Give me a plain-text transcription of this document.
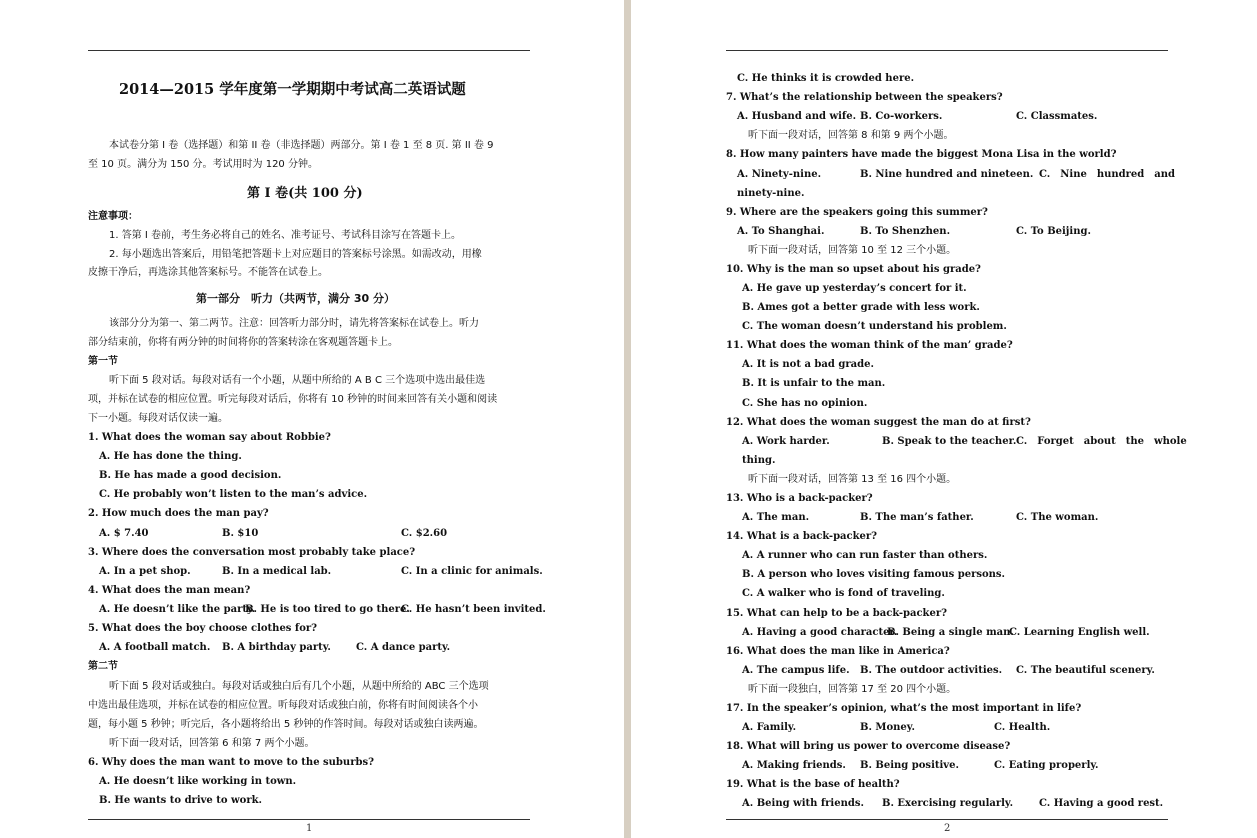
2014—2015 学年度第一学期期中考试高二英语试题
本试卷分第 I 卷（选择题）和第 II 卷（非选择题）两部分。第 I 卷 1 至 8 页. 第 II 卷 9
至 10 页。满分为 150 分。考试用时为 120 分钟。
第 I 卷(共 100 分)
注意事项：
1. 答第 I 卷前，考生务必将自己的姓名、准考证号、考试科目涂写在答题卡上。
2. 每小题选出答案后，用铅笔把答题卡上对应题目的答案标号涂黑。如需改动，用橡
皮擦干净后，再选涂其他答案标号。不能答在试卷上。
第一部分　听力（共两节，满分 30 分）
该部分分为第一、第二两节。注意：回答听力部分时，请先将答案标在试卷上。听力
部分结束前，你将有两分钟的时间将你的答案转涂在客观题答题卡上。
第一节
听下面 5 段对话。每段对话有一个小题，从题中所给的 A B C 三个选项中选出最佳选
项，并标在试卷的相应位置。听完每段对话后，你将有 10 秒钟的时间来回答有关小题和阅读
下一小题。每段对话仅读一遍。
1. What does the woman say about Robbie?
A. He has done the thing.
B. He has made a good decision.
C. He probably won’t listen to the man’s advice.
2. How much does the man pay?
A. $ 7.40	B. $10	C. $2.60
3. Where does the conversation most probably take place?
A. In a pet shop.	B. In a medical lab.	C. In a clinic for animals.
4. What does the man mean?
A. He doesn’t like the party.
B. He is too tired to go there.
C. He hasn’t been invited.
5. What does the boy choose clothes for?
A. A football match. B. A birthday party.	C. A dance party.
第二节
听下面 5 段对话或独白。每段对话或独白后有几个小题，从题中所给的 ABC 三个选项
中选出最佳选项，并标在试卷的相应位置。听每段对话或独白前，你将有时间阅读各个小
题，每小题 5 秒钟；听完后，各小题将给出 5 秒钟的作答时间。每段对话或独白读两遍。
听下面一段对话，回答第 6 和第 7 两个小题。
6. Why does the man want to move to the suburbs?
A. He doesn’t like working in town.
B. He wants to drive to work.
1
C. He thinks it is crowded here.
7. What’s the relationship between the speakers?
A. Husband and wife. B. Co-workers.	C. Classmates.
听下面一段对话，回答第 8 和第 9 两个小题。
8. How many painters have made the biggest Mona Lisa in the world?
A. Ninety-nine.	B. Nine hundred and nineteen. C.　Nine　hundred　and
ninety-nine.
9. Where are the speakers going this summer?
A. To Shanghai.	B. To Shenzhen.	C. To Beijing.
听下面一段对话，回答第 10 至 12 三个小题。
10. Why is the man so upset about his grade?
A. He gave up yesterday’s concert for it.
B. Ames got a better grade with less work.
C. The woman doesn’t understand his problem.
11. What does the woman think of the man’ grade?
A. It is not a bad grade.
B. It is unfair to the man.
C. She has no opinion.
12. What does the woman suggest the man do at first?
A. Work harder.	B. Speak to the teacher. C.　Forget　about　the　whole
thing.
听下面一段对话，回答第 13 至 16 四个小题。
13. Who is a back-packer?
A. The man.	B. The man’s father.	C. The woman.
14. What is a back-packer?
A. A runner who can run faster than others.
B. A person who loves visiting famous persons.
C. A walker who is fond of traveling.
15. What can help to be a back-packer?
A. Having a good character.
B. Being a single man.
C. Learning English well.
16. What does the man like in America?
A. The campus life. B. The outdoor activities. C. The beautiful scenery.
听下面一段独白，回答第 17 至 20 四个小题。
17. In the speaker’s opinion, what’s the most important in life?
A. Family.	B. Money.	C. Health.
18. What will bring us power to overcome disease?
A. Making friends. B. Being positive.	C. Eating properly.
19. What is the base of health?
A. Being with friends. B. Exercising regularly.	C. Having a good rest.
2
